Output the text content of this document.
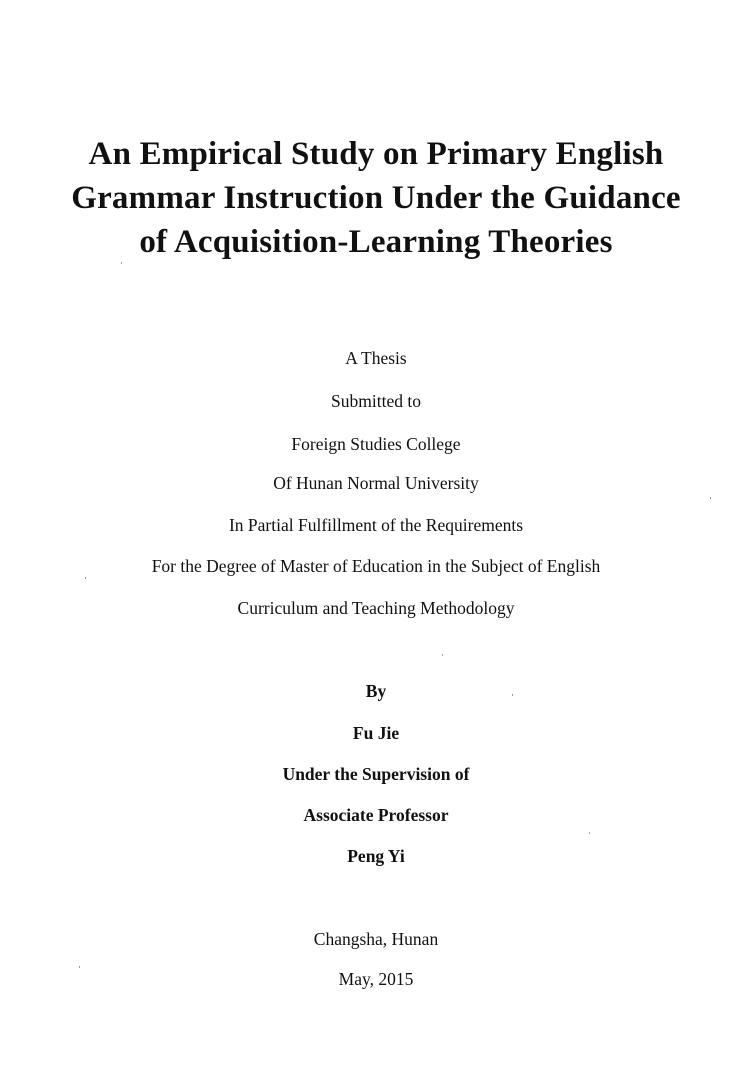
An Empirical Study on Primary English
Grammar Instruction Under the Guidance
of Acquisition-Learning Theories

A Thesis

Submitted to

Foreign Studies College

Of Hunan Normal University

In Partial Fulfillment of the Requirements

For the Degree of Master of Education in the Subject of English

Curriculum and Teaching Methodology

By

Fu Jie

Under the Supervision of

Associate Professor

Peng Yi

Changsha, Hunan

May, 2015
